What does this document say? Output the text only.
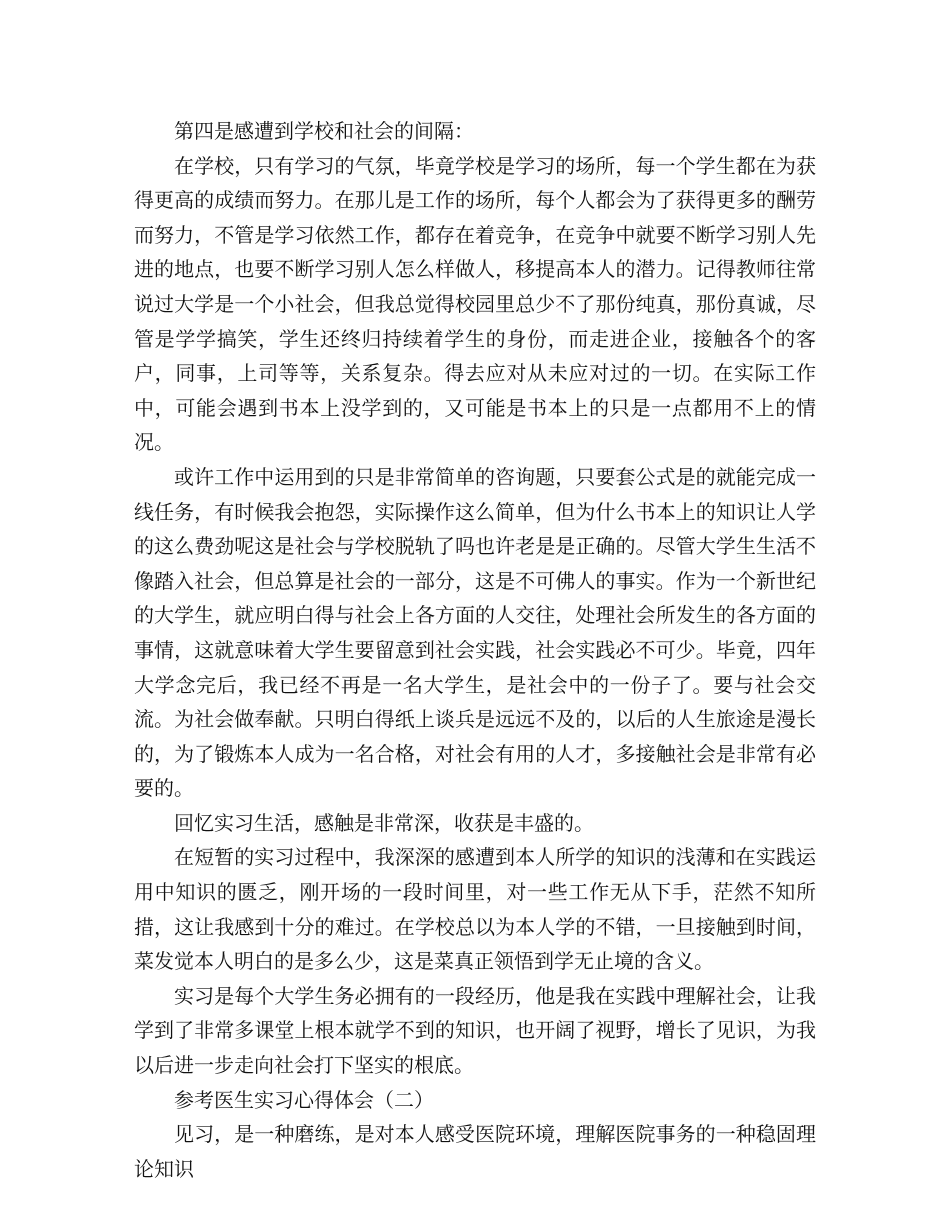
第四是感遭到学校和社会的间隔：

在学校，只有学习的气氛，毕竟学校是学习的场所，每一个学生都在为获得更高的成绩而努力。在那儿是工作的场所，每个人都会为了获得更多的酬劳而努力，不管是学习依然工作，都存在着竞争，在竞争中就要不断学习别人先进的地点，也要不断学习别人怎么样做人，移提高本人的潜力。记得教师往常说过大学是一个小社会，但我总觉得校园里总少不了那份纯真，那份真诚，尽管是学学搞笑，学生还终归持续着学生的身份，而走进企业，接触各个的客户，同事，上司等等，关系复杂。得去应对从未应对过的一切。在实际工作中，可能会遇到书本上没学到的，又可能是书本上的只是一点都用不上的情况。

或许工作中运用到的只是非常简单的咨询题，只要套公式是的就能完成一线任务，有时候我会抱怨，实际操作这么简单，但为什么书本上的知识让人学的这么费劲呢这是社会与学校脱轨了吗也许老是是正确的。尽管大学生生活不像踏入社会，但总算是社会的一部分，这是不可佛人的事实。作为一个新世纪的大学生，就应明白得与社会上各方面的人交往，处理社会所发生的各方面的事情，这就意味着大学生要留意到社会实践，社会实践必不可少。毕竟，四年大学念完后，我已经不再是一名大学生，是社会中的一份子了。要与社会交流。为社会做奉献。只明白得纸上谈兵是远远不及的，以后的人生旅途是漫长的，为了锻炼本人成为一名合格，对社会有用的人才，多接触社会是非常有必要的。

回忆实习生活，感触是非常深，收获是丰盛的。

在短暂的实习过程中，我深深的感遭到本人所学的知识的浅薄和在实践运用中知识的匮乏，刚开场的一段时间里，对一些工作无从下手，茫然不知所措，这让我感到十分的难过。在学校总以为本人学的不错，一旦接触到时间，菜发觉本人明白的是多么少，这是菜真正领悟到学无止境的含义。

实习是每个大学生务必拥有的一段经历，他是我在实践中理解社会，让我学到了非常多课堂上根本就学不到的知识，也开阔了视野，增长了见识，为我以后进一步走向社会打下坚实的根底。

参考医生实习心得体会（二）

见习，是一种磨练，是对本人感受医院环境，理解医院事务的一种稳固理论知识
